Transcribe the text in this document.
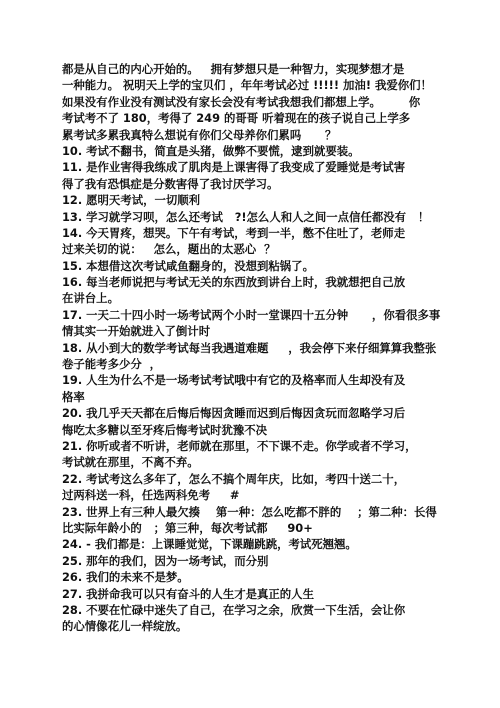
都是从自己的内心开始的。   拥有梦想只是一种智力，实现梦想才是
一种能力。 祝明天上学的宝贝们 ，年年考试必过 !!!!! 加油! 我爱你们！
如果没有作业没有测试没有家长会没有考试我想我们都想上学。       你
考试考不了 180，考得了 249 的哥哥 听着现在的孩子说自己上学多
累考试多累我真特么想说有你们父母养你们累吗      ？
10. 考试不翻书，简直是头猪，做弊不要慌，逮到就要装。
11. 是作业害得我练成了肌肉是上课害得了我变成了爱睡觉是考试害
得了我有恐惧症是分数害得了我讨厌学习。
12. 愿明天考试，一切顺利
13. 学习就学习呗，怎么还考试   ?!怎么人和人之间一点信任都没有   ！
14. 今天胃疼，想哭。下午有考试，考到一半，憋不住吐了，老师走
过来关切的说：   怎么，题出的太恶心  ？
15. 本想借这次考试咸鱼翻身的，没想到粘锅了。
16. 每当老师说把与考试无关的东西放到讲台上时，我就想把自己放
在讲台上。
17. 一天二十四小时一场考试两个小时一堂课四十五分钟      ，你看很多事
情其实一开始就进入了倒计时
18. 从小到大的数学考试每当我遇道难题     ，我会停下来仔细算算我整张
卷子能考多少分  ，
19. 人生为什么不是一场考试考试哦中有它的及格率而人生却没有及
格率
20. 我几乎天天都在后悔后悔因贪睡而迟到后悔因贪玩而忽略学习后
悔吃太多糖以至牙疼后悔考试时犹豫不决
21. 你听或者不听讲，老师就在那里，不下课不走。你学或者不学习，
考试就在那里，不离不弃。
22. 考试考这么多年了，怎么不搞个周年庆，比如，考四十送二十，
过两科送一科，任选两科免考     #
23. 世界上有三种人最欠揍    第一种：怎么吃都不胖的    ；第二种：长得
比实际年龄小的   ；第三种，每次考试都     90+
24. - 我们都是：上课睡觉觉，下课蹦跳跳，考试死翘翘。
25. 那年的我们，因为一场考试，而分别
26. 我们的未来不是梦。
27. 我拼命我可以只有奋斗的人生才是真正的人生
28. 不要在忙碌中迷失了自己，在学习之余，欣赏一下生活，会让你
的心情像花儿一样绽放。
